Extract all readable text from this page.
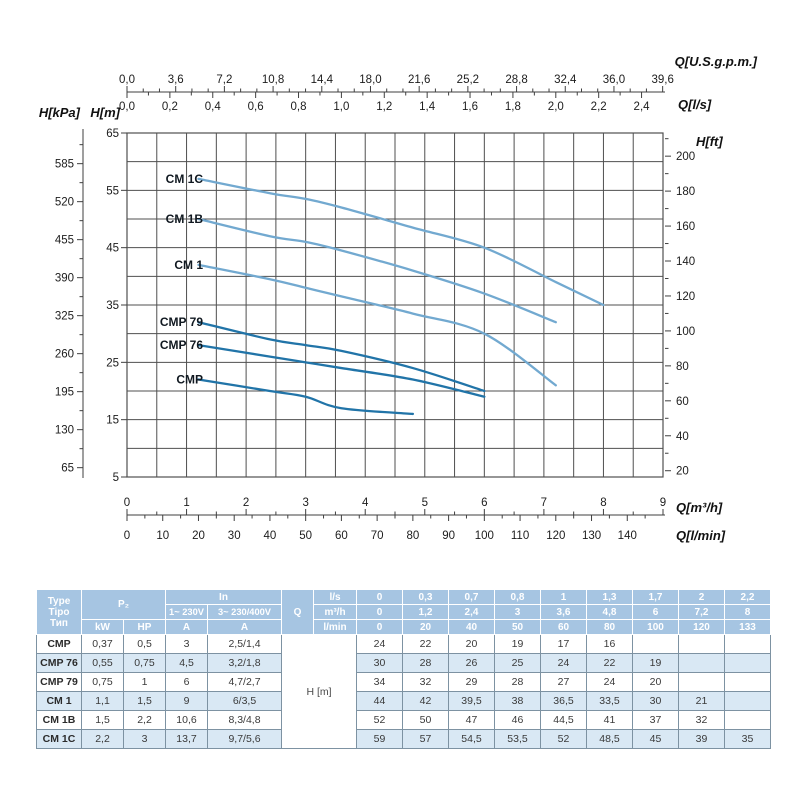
65
55
45
35
25
15
5
585
520
455
390
325
260
195
130
65
200
180
160
140
120
100
80
60
40
20
0,0	3,6	7,2	10,8 14,4 18,0 21,6 25,2 28,8 32,4 36,0 39,6
0,0 0,2 0,4 0,6 0,8 1,0 1,2 1,4 1,6 1,8 2,0 2,2 2,4
0	1	2	3	4	5	6	7	8	9
0 10 20 30 40 50 60 70 80 90 100 110 120 130 140
CMP
CMP 76
CMP 79
CM 1
CM 1B
CM 1C
Q[U.S.g.p.m.]
Q[l/s]
H[kPa] H[m]
H[ft]
Q[m³/h]
Q[l/min]
Type
Tipo
Тип	P₂		In		Q	l/s	0	0,3	0,7	0,8	1	1,3	1,7	2	2,2
			1~ 230V	3~ 230/400V		m³/h	0	1,2	2,4	3	3,6	4,8	6	7,2	8
	kW	HP	A	A		l/min	0	20	40	50	60	80	100	120	133
CMP	0,37	0,5	3	2,5/1,4	H [m]		24	22	20	19	17	16			
CMP 76	0,55	0,75	4,5	3,2/1,8			30	28	26	25	24	22	19		
CMP 79	0,75	1	6	4,7/2,7			34	32	29	28	27	24	20		
CM 1	1,1	1,5	9	6/3,5			44	42	39,5	38	36,5	33,5	30	21	
CM 1B	1,5	2,2	10,6	8,3/4,8			52	50	47	46	44,5	41	37	32	
CM 1C	2,2	3	13,7	9,7/5,6			59	57	54,5	53,5	52	48,5	45	39	35
